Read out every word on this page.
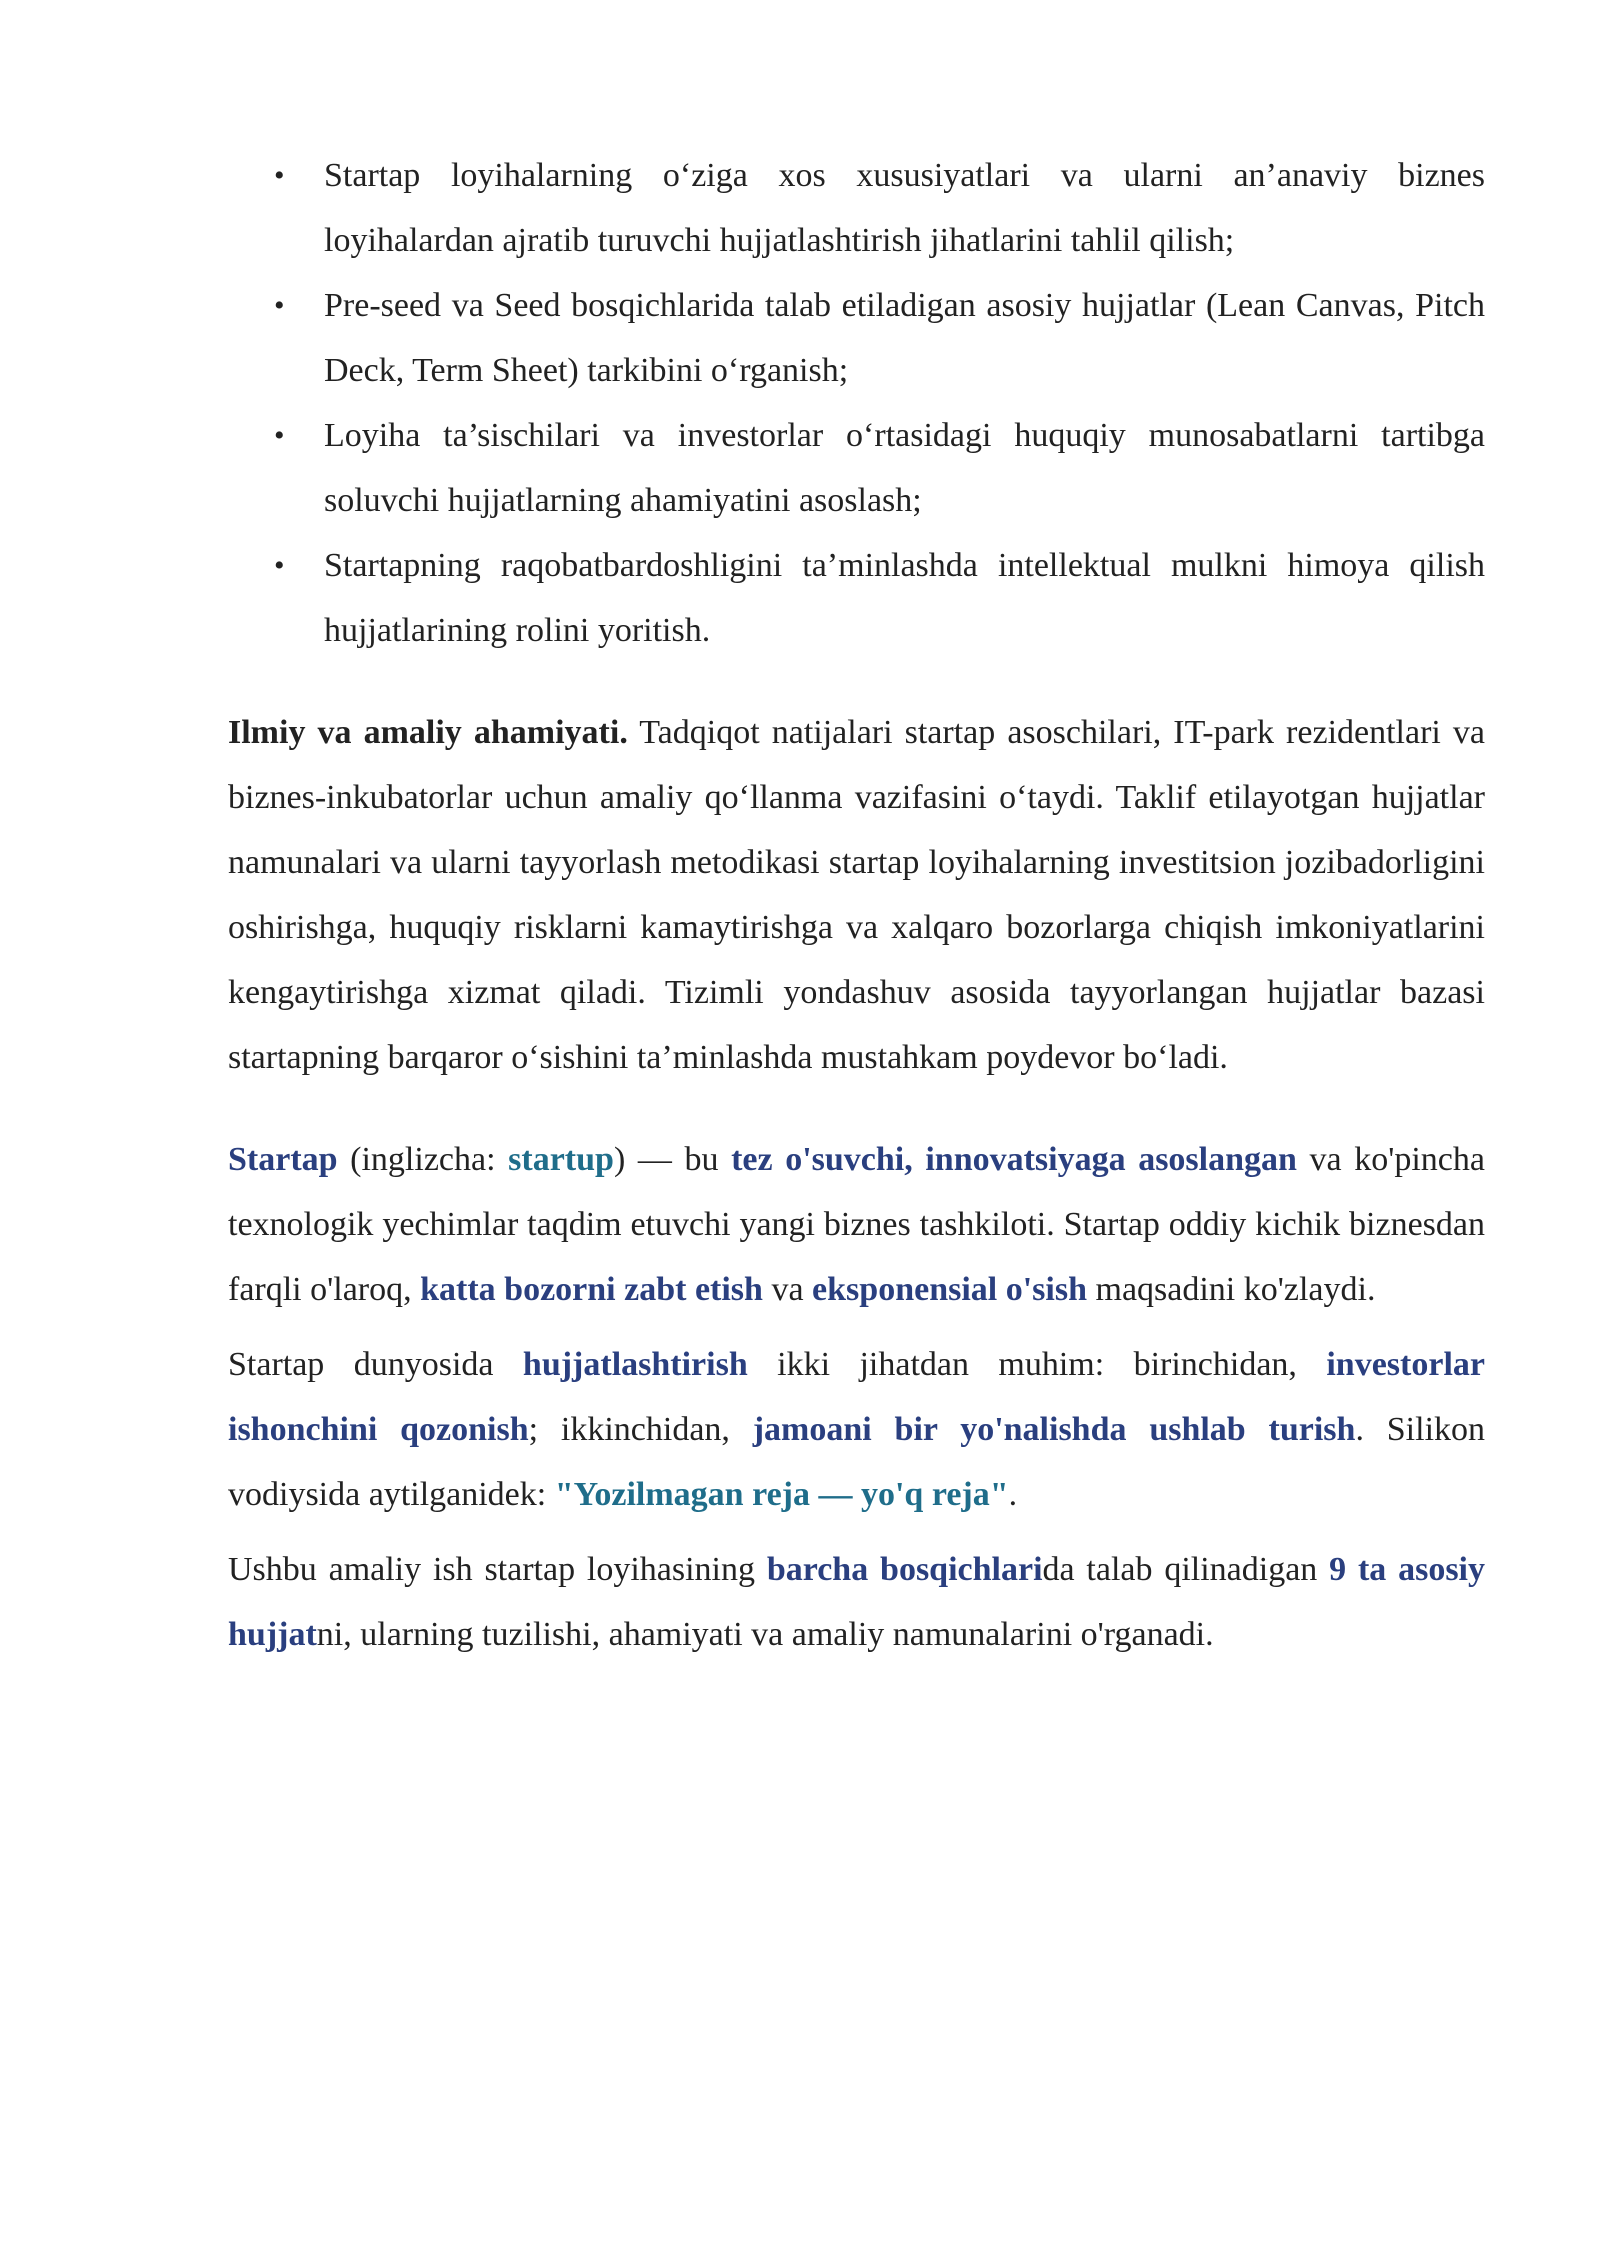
• Startap loyihalarning o‘ziga xos xususiyatlari va ularni an’anaviy biznes loyihalardan ajratib turuvchi hujjatlashtirish jihatlarini tahlil qilish;
• Pre-seed va Seed bosqichlarida talab etiladigan asosiy hujjatlar (Lean Canvas, Pitch Deck, Term Sheet) tarkibini o‘rganish;
• Loyiha ta’sischilari va investorlar o‘rtasidagi huquqiy munosabatlarni tartibga soluvchi hujjatlarning ahamiyatini asoslash;
• Startapning raqobatbardoshligini ta’minlashda intellektual mulkni himoya qilish hujjatlarining rolini yoritish.

Ilmiy va amaliy ahamiyati. Tadqiqot natijalari startap asoschilari, IT-park rezidentlari va biznes-inkubatorlar uchun amaliy qo‘llanma vazifasini o‘taydi. Taklif etilayotgan hujjatlar namunalari va ularni tayyorlash metodikasi startap loyihalarning investitsion jozibadorligini oshirishga, huquqiy risklarni kamaytirishga va xalqaro bozorlarga chiqish imkoniyatlarini kengaytirishga xizmat qiladi. Tizimli yondashuv asosida tayyorlangan hujjatlar bazasi startapning barqaror o‘sishini ta’minlashda mustahkam poydevor bo‘ladi.

Startap (inglizcha: startup) — bu tez o'suvchi, innovatsiyaga asoslangan va ko'pincha texnologik yechimlar taqdim etuvchi yangi biznes tashkiloti. Startap oddiy kichik biznesdan farqli o'laroq, katta bozorni zabt etish va eksponensial o'sish maqsadini ko'zlaydi.

Startap dunyosida hujjatlashtirish ikki jihatdan muhim: birinchidan, investorlar ishonchini qozonish; ikkinchidan, jamoani bir yo'nalishda ushlab turish. Silikon vodiysida aytilganidek: "Yozilmagan reja — yo'q reja".

Ushbu amaliy ish startap loyihasining barcha bosqichlarida talab qilinadigan 9 ta asosiy hujjatni, ularning tuzilishi, ahamiyati va amaliy namunalarini o'rganadi.
